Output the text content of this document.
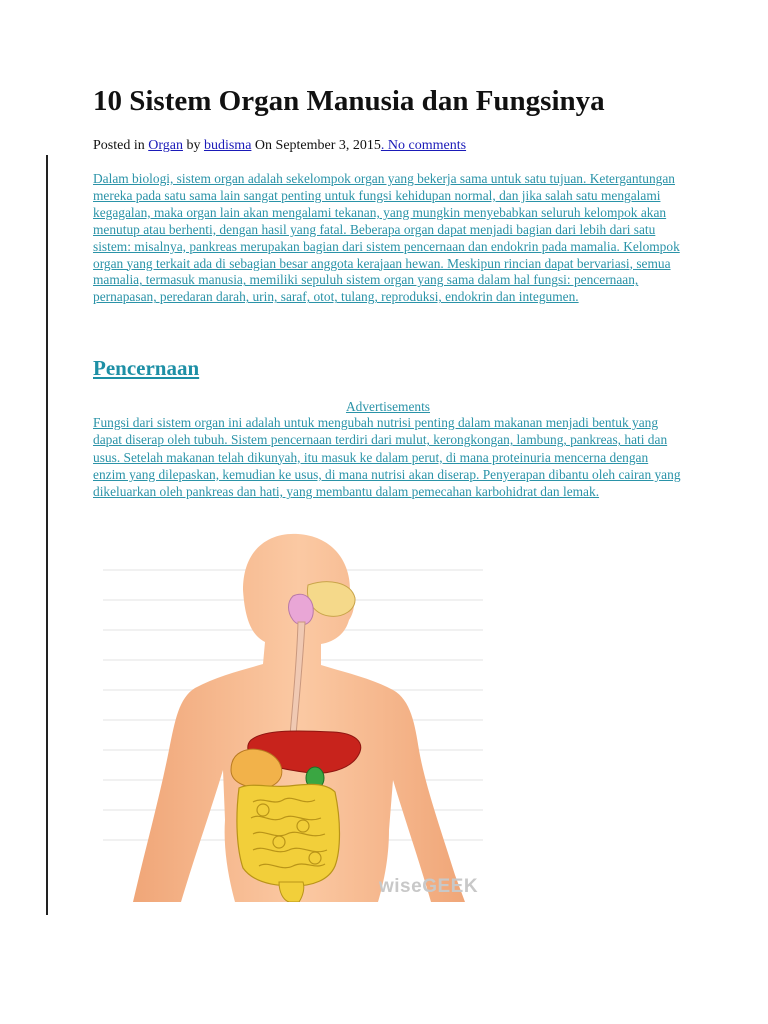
10 Sistem Organ Manusia dan Fungsinya
Posted in Organ by budisma On September 3, 2015. No comments

Dalam biologi, sistem organ adalah sekelompok organ yang bekerja sama untuk satu tujuan. Ketergantungan mereka pada satu sama lain sangat penting untuk fungsi kehidupan normal, dan jika salah satu mengalami kegagalan, maka organ lain akan mengalami tekanan, yang mungkin menyebabkan seluruh kelompok akan menutup atau berhenti, dengan hasil yang fatal. Beberapa organ dapat menjadi bagian dari lebih dari satu sistem: misalnya, pankreas merupakan bagian dari sistem pencernaan dan endokrin pada mamalia. Kelompok organ yang terkait ada di sebagian besar anggota kerajaan hewan. Meskipun rincian dapat bervariasi, semua mamalia, termasuk manusia, memiliki sepuluh sistem organ yang sama dalam hal fungsi: pencernaan, pernapasan, peredaran darah, urin, saraf, otot, tulang, reproduksi, endokrin dan integumen.

Pencernaan
Advertisements

Fungsi dari sistem organ ini adalah untuk mengubah nutrisi penting dalam makanan menjadi bentuk yang dapat diserap oleh tubuh. Sistem pencernaan terdiri dari mulut, kerongkongan, lambung, pankreas, hati dan usus. Setelah makanan telah dikunyah, itu masuk ke dalam perut, di mana proteinuria mencerna dengan enzim yang dilepaskan, kemudian ke usus, di mana nutrisi akan diserap. Penyerapan dibantu oleh cairan yang dikeluarkan oleh pankreas dan hati, yang membantu dalam pemecahan karbohidrat dan lemak.

wiseGEEK
